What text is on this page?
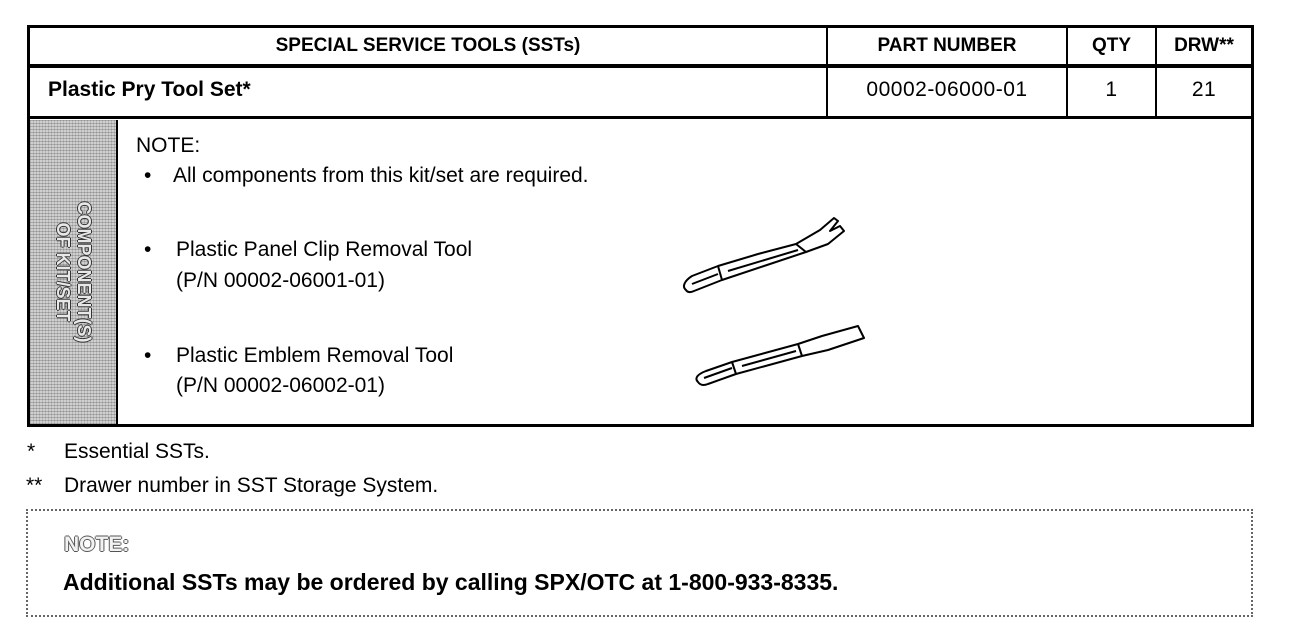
SPECIAL SERVICE TOOLS (SSTs)	PART NUMBER	QTY	DRW**
Plastic Pry Tool Set*	00002-06000-01	1	21
COMPONENT(S)
OF KIT/SET
NOTE:
• All components from this kit/set are required.
• Plastic Panel Clip Removal Tool
(P/N 00002-06001-01)
• Plastic Emblem Removal Tool
(P/N 00002-06002-01)
* Essential SSTs.
** Drawer number in SST Storage System.
NOTE:
Additional SSTs may be ordered by calling SPX/OTC at 1-800-933-8335.
